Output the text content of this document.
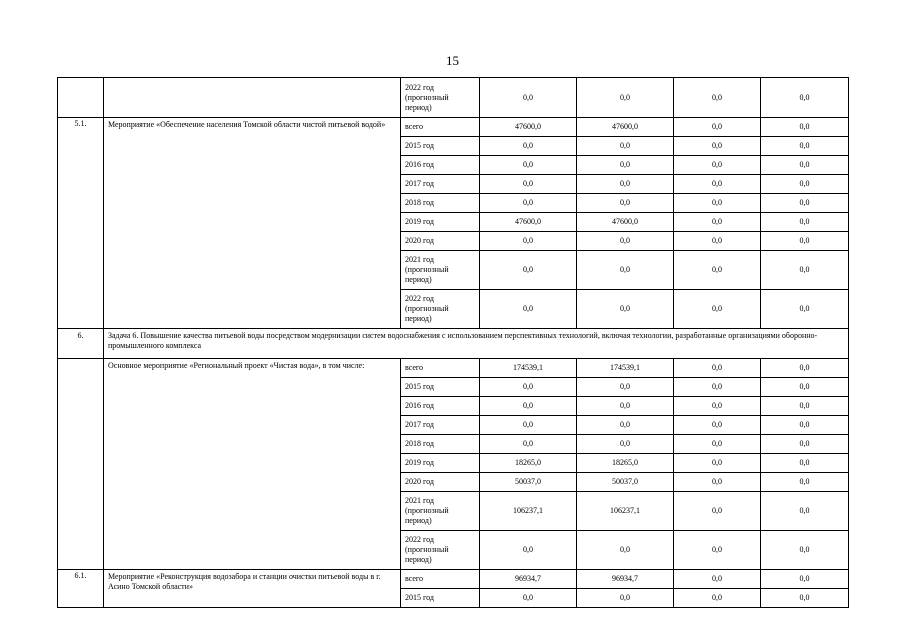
15
		2022 год (прогнозный период)	0,0	0,0	0,0	0,0
5.1.	Мероприятие «Обеспечение населения Томской области чистой питьевой водой»	всего	47600,0	47600,0	0,0	0,0
		2015 год	0,0	0,0	0,0	0,0
		2016 год	0,0	0,0	0,0	0,0
		2017 год	0,0	0,0	0,0	0,0
		2018 год	0,0	0,0	0,0	0,0
		2019 год	47600,0	47600,0	0,0	0,0
		2020 год	0,0	0,0	0,0	0,0
		2021 год (прогнозный период)	0,0	0,0	0,0	0,0
		2022 год (прогнозный период)	0,0	0,0	0,0	0,0
6.	Задача 6. Повышение качества питьевой воды посредством модернизации систем водоснабжения с использованием перспективных технологий, включая технологии, разработанные организациями оборонно-промышленного комплекса					
	Основное мероприятие «Региональный проект «Чистая вода», в том числе:	всего	174539,1	174539,1	0,0	0,0
		2015 год	0,0	0,0	0,0	0,0
		2016 год	0,0	0,0	0,0	0,0
		2017 год	0,0	0,0	0,0	0,0
		2018 год	0,0	0,0	0,0	0,0
		2019 год	18265,0	18265,0	0,0	0,0
		2020 год	50037,0	50037,0	0,0	0,0
		2021 год (прогнозный период)	106237,1	106237,1	0,0	0,0
		2022 год (прогнозный период)	0,0	0,0	0,0	0,0
6.1.	Мероприятие «Реконструкция водозабора и станции очистки питьевой воды в г. Асино Томской области»	всего	96934,7	96934,7	0,0	0,0
		2015 год	0,0	0,0	0,0	0,0
